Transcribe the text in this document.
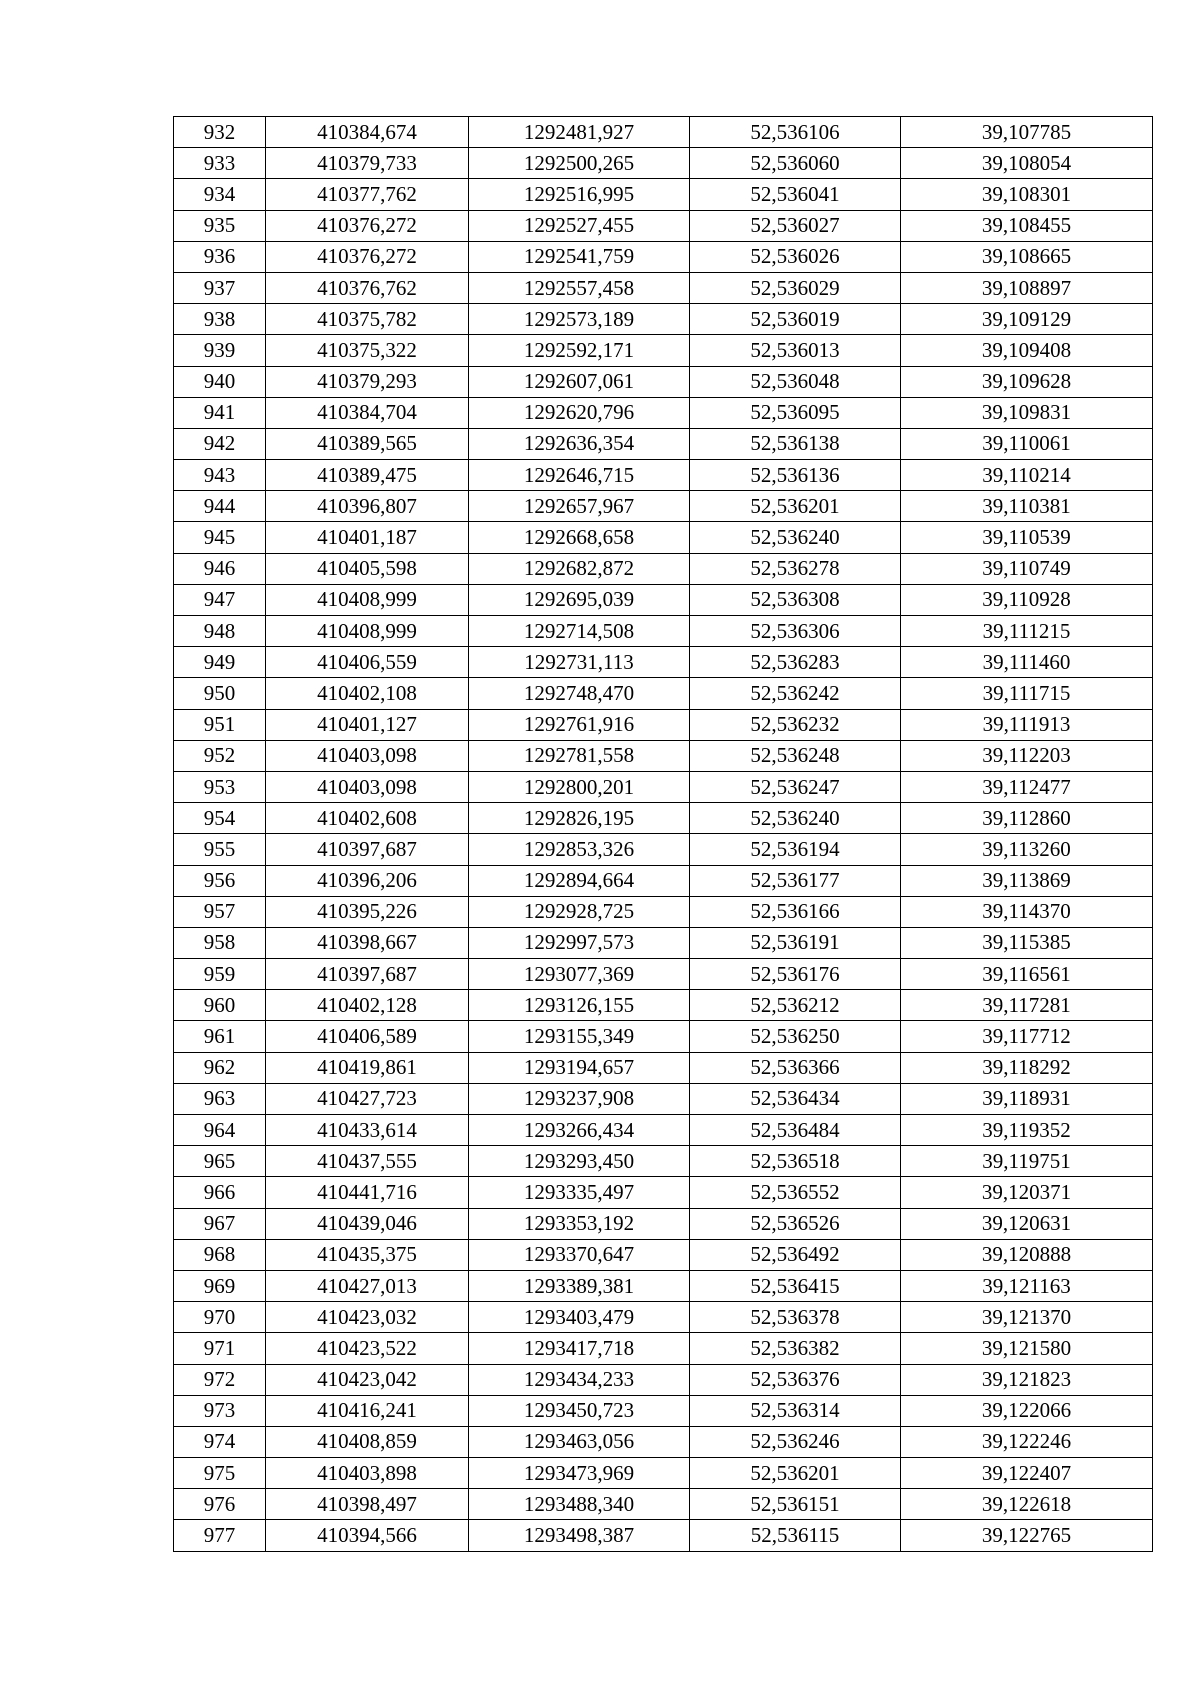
932	410384,674	1292481,927	52,536106	39,107785
933	410379,733	1292500,265	52,536060	39,108054
934	410377,762	1292516,995	52,536041	39,108301
935	410376,272	1292527,455	52,536027	39,108455
936	410376,272	1292541,759	52,536026	39,108665
937	410376,762	1292557,458	52,536029	39,108897
938	410375,782	1292573,189	52,536019	39,109129
939	410375,322	1292592,171	52,536013	39,109408
940	410379,293	1292607,061	52,536048	39,109628
941	410384,704	1292620,796	52,536095	39,109831
942	410389,565	1292636,354	52,536138	39,110061
943	410389,475	1292646,715	52,536136	39,110214
944	410396,807	1292657,967	52,536201	39,110381
945	410401,187	1292668,658	52,536240	39,110539
946	410405,598	1292682,872	52,536278	39,110749
947	410408,999	1292695,039	52,536308	39,110928
948	410408,999	1292714,508	52,536306	39,111215
949	410406,559	1292731,113	52,536283	39,111460
950	410402,108	1292748,470	52,536242	39,111715
951	410401,127	1292761,916	52,536232	39,111913
952	410403,098	1292781,558	52,536248	39,112203
953	410403,098	1292800,201	52,536247	39,112477
954	410402,608	1292826,195	52,536240	39,112860
955	410397,687	1292853,326	52,536194	39,113260
956	410396,206	1292894,664	52,536177	39,113869
957	410395,226	1292928,725	52,536166	39,114370
958	410398,667	1292997,573	52,536191	39,115385
959	410397,687	1293077,369	52,536176	39,116561
960	410402,128	1293126,155	52,536212	39,117281
961	410406,589	1293155,349	52,536250	39,117712
962	410419,861	1293194,657	52,536366	39,118292
963	410427,723	1293237,908	52,536434	39,118931
964	410433,614	1293266,434	52,536484	39,119352
965	410437,555	1293293,450	52,536518	39,119751
966	410441,716	1293335,497	52,536552	39,120371
967	410439,046	1293353,192	52,536526	39,120631
968	410435,375	1293370,647	52,536492	39,120888
969	410427,013	1293389,381	52,536415	39,121163
970	410423,032	1293403,479	52,536378	39,121370
971	410423,522	1293417,718	52,536382	39,121580
972	410423,042	1293434,233	52,536376	39,121823
973	410416,241	1293450,723	52,536314	39,122066
974	410408,859	1293463,056	52,536246	39,122246
975	410403,898	1293473,969	52,536201	39,122407
976	410398,497	1293488,340	52,536151	39,122618
977	410394,566	1293498,387	52,536115	39,122765
